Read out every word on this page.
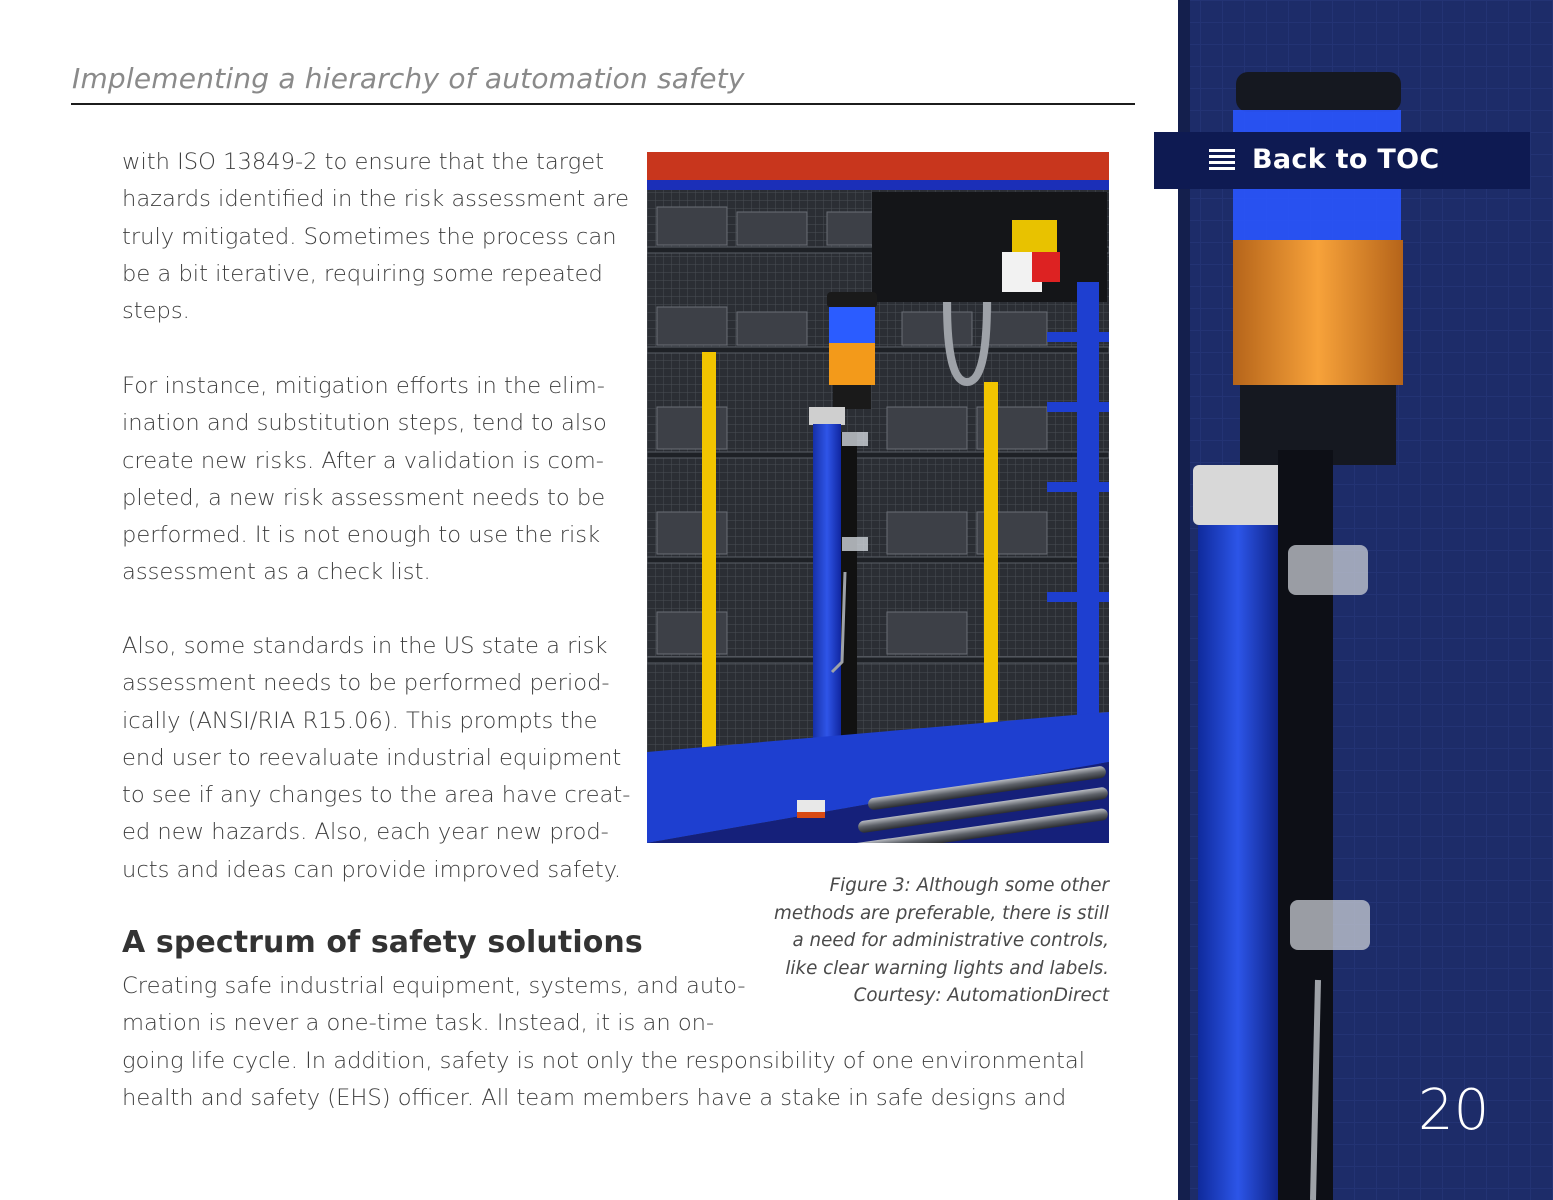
Implementing a hierarchy of automation safety

with ISO 13849-2 to ensure that the target
hazards identified in the risk assessment are
truly mitigated. Sometimes the process can
be a bit iterative, requiring some repeated
steps.

For instance, mitigation efforts in the elim-
ination and substitution steps, tend to also
create new risks. After a validation is com-
pleted, a new risk assessment needs to be
performed. It is not enough to use the risk
assessment as a check list.

Also, some standards in the US state a risk
assessment needs to be performed period-
ically (ANSI/RIA R15.06). This prompts the
end user to reevaluate industrial equipment
to see if any changes to the area have creat-
ed new hazards. Also, each year new prod-
ucts and ideas can provide improved safety.

A spectrum of safety solutions

Creating safe industrial equipment, systems, and auto-
mation is never a one-time task. Instead, it is an on-
going life cycle. In addition, safety is not only the responsibility of one environmental
health and safety (EHS) officer. All team members have a stake in safe designs and

Figure 3: Although some other
methods are preferable, there is still
a need for administrative controls,
like clear warning lights and labels.
Courtesy: AutomationDirect
Back to TOC
20
